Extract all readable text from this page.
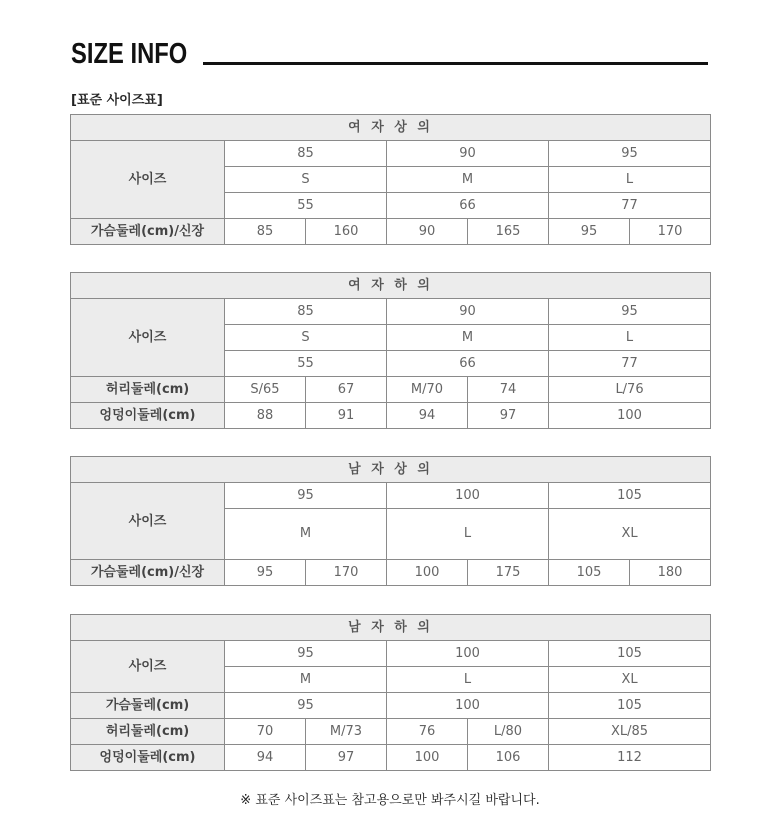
SIZE INFO
[표준 사이즈표]
여 자 상 의						
사이즈	85		90		95	
	S		M		L	
	55		66		77	
가슴둘레(cm)/신장	85	160	90	165	95	170
여 자 하 의					
사이즈	85		90		95
	S		M		L
	55		66		77
허리둘레(cm)	S/65	67	M/70	74	L/76
엉덩이둘레(cm)	88	91	94	97	100
남 자 상 의						
사이즈	95		100		105	
	M		L		XL	
가슴둘레(cm)/신장	95	170	100	175	105	180
남 자 하 의					
사이즈	95		100		105
	M		L		XL
가슴둘레(cm)	95		100		105
허리둘레(cm)	70	M/73	76	L/80	XL/85
엉덩이둘레(cm)	94	97	100	106	112
※ 표준 사이즈표는 참고용으로만 봐주시길 바랍니다.
